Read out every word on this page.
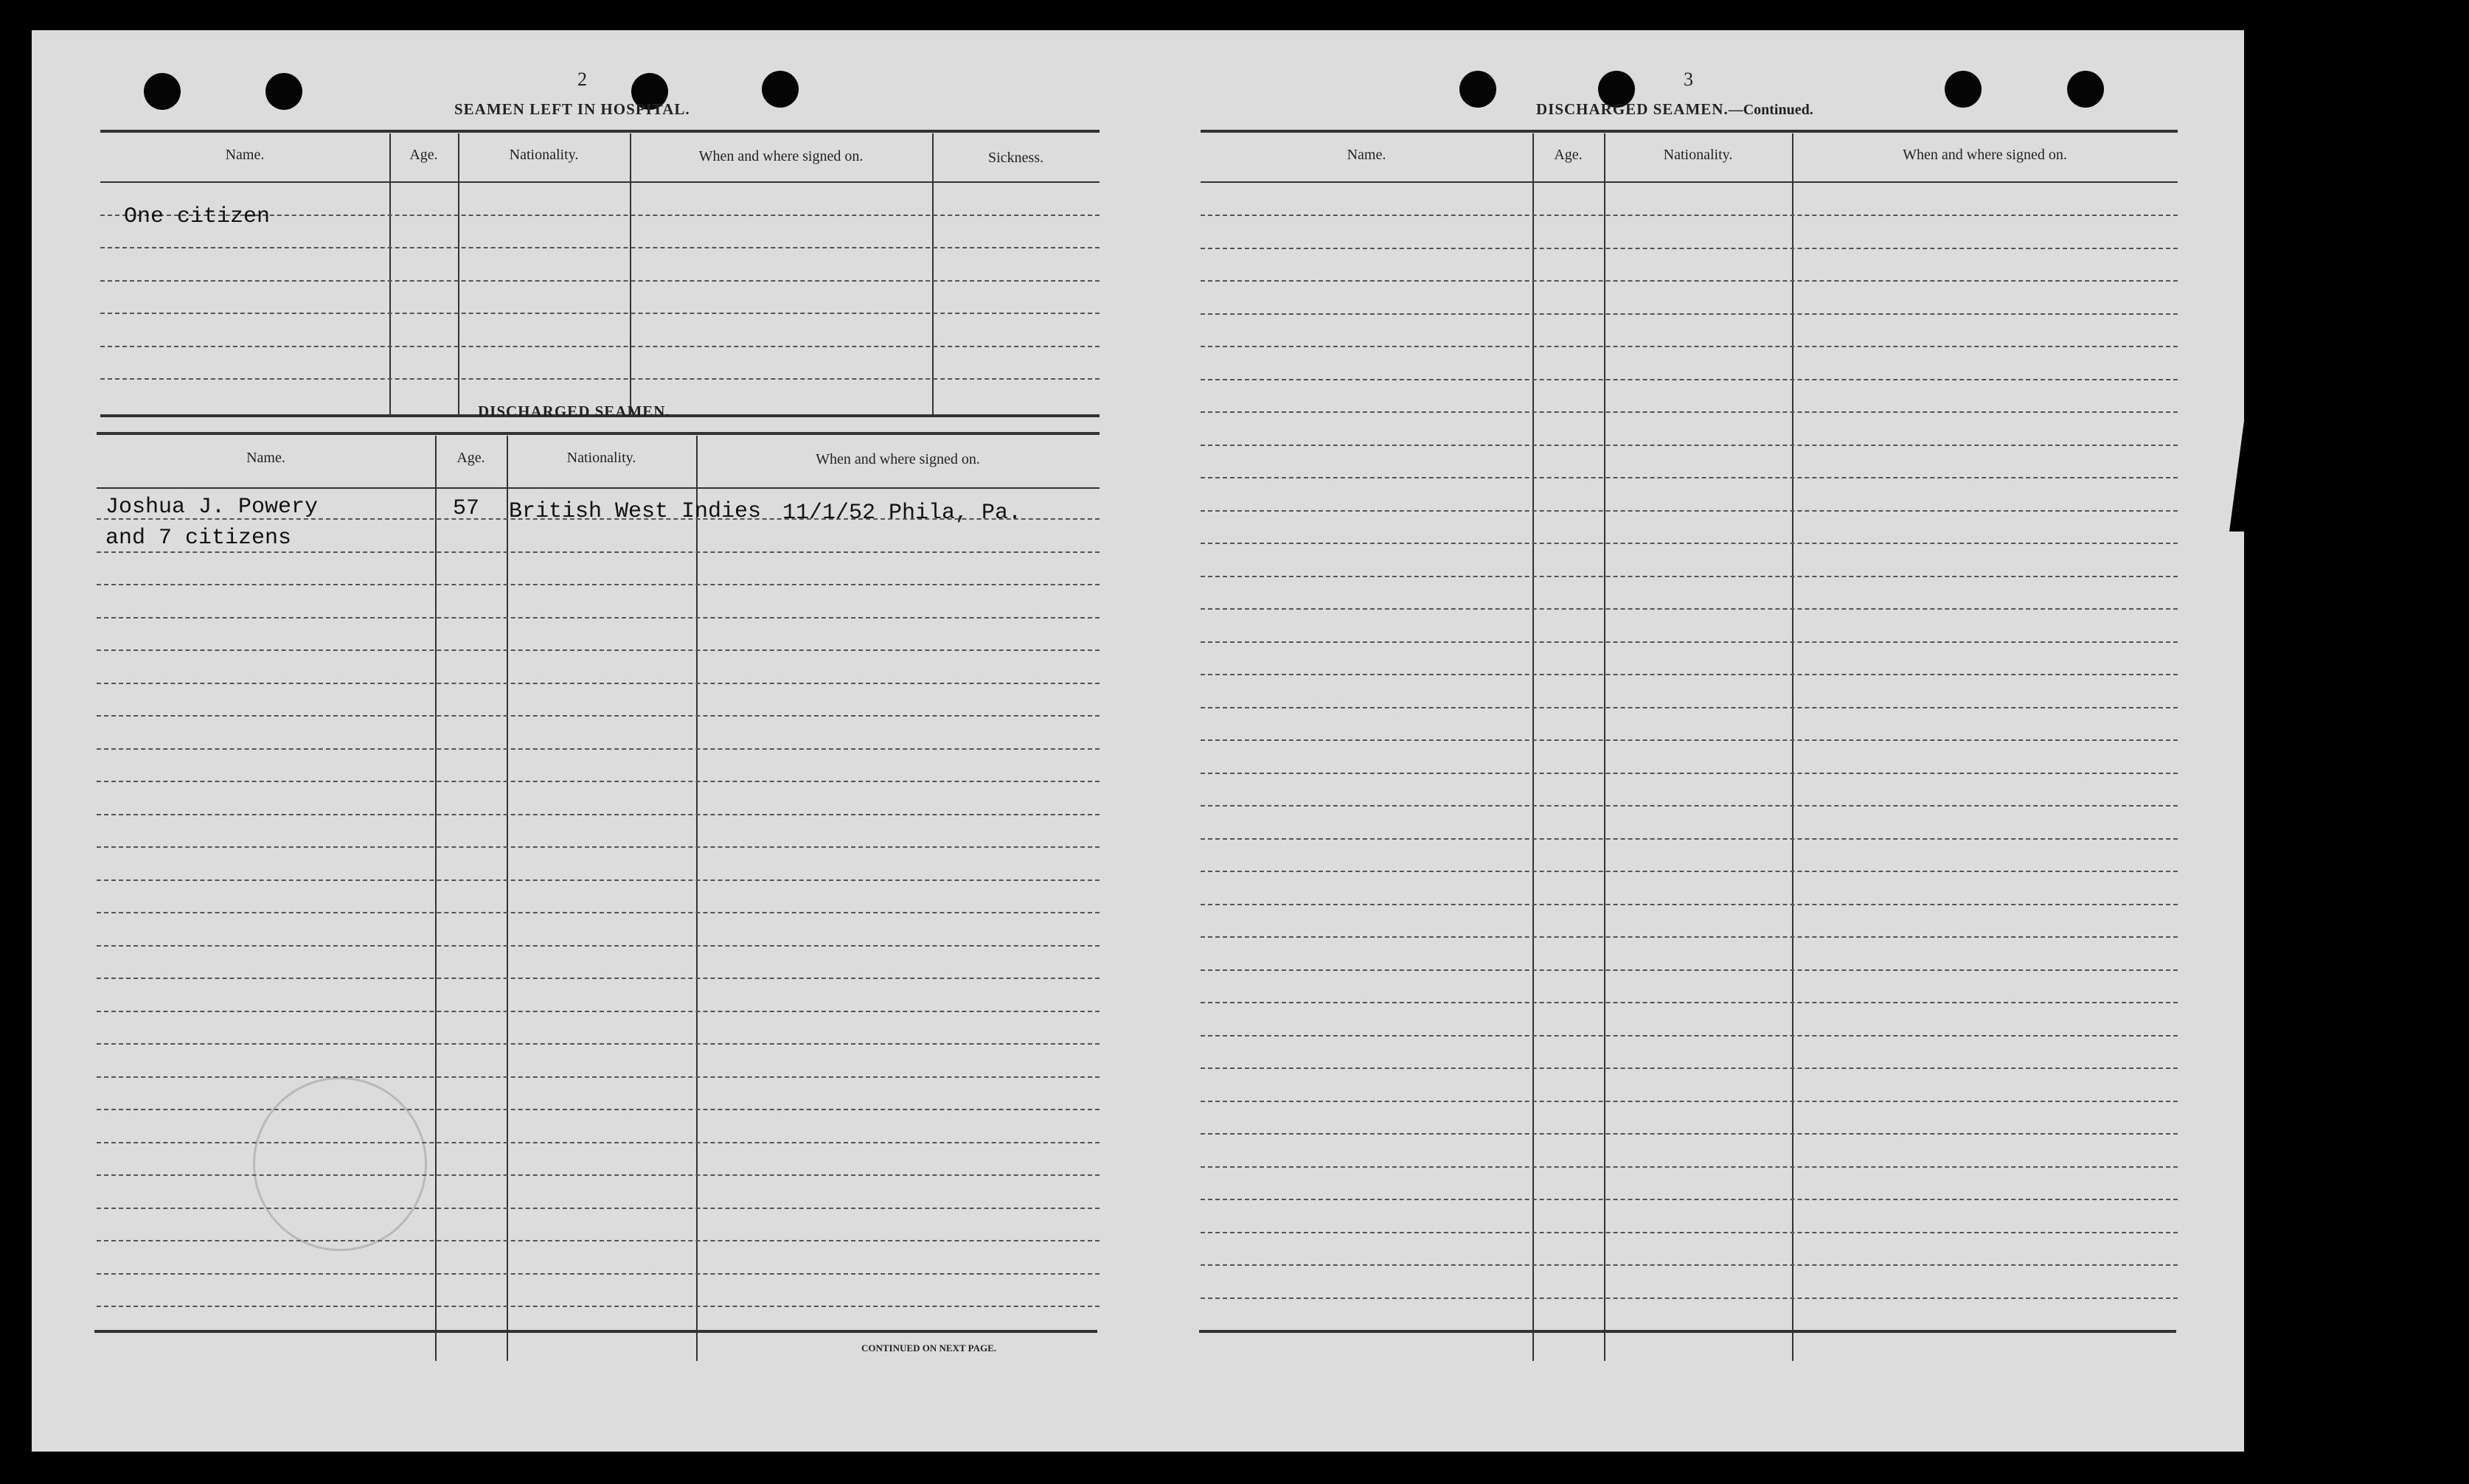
2
SEAMEN LEFT IN HOSPITAL.
Name.	Age.	Nationality.	When and where signed on.	Sickness.
One citizen
DISCHARGED SEAMEN.
Name.	Age.	Nationality.	When and where signed on.
Joshua J. Powery	57 British West Indies 11/1/52 Phila, Pa.
and 7 citizens
CONTINUED ON NEXT PAGE.
3
DISCHARGED SEAMEN.—Continued.
Name.	Age.	Nationality.	When and where signed on.
